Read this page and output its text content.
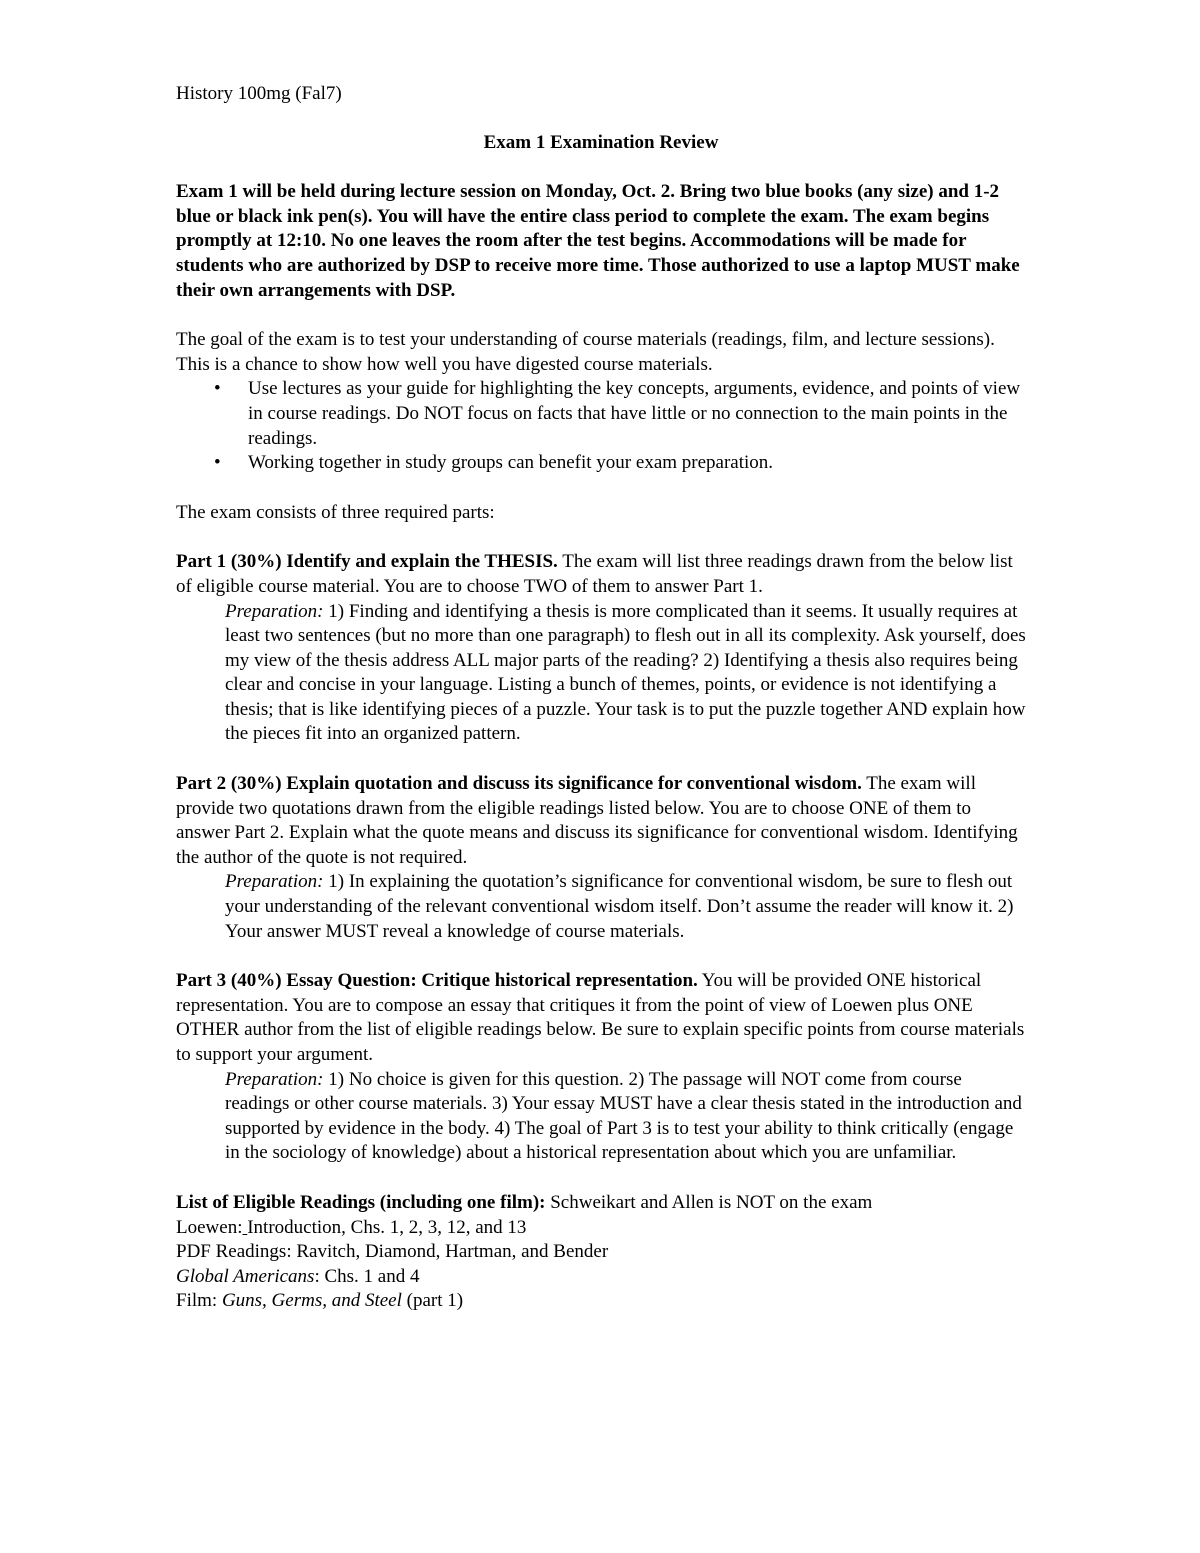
History 100mg (Fal7)

Exam 1 Examination Review

Exam 1 will be held during lecture session on Monday, Oct. 2. Bring two blue books (any size) and 1-2 blue or black ink pen(s). You will have the entire class period to complete the exam. The exam begins promptly at 12:10. No one leaves the room after the test begins. Accommodations will be made for students who are authorized by DSP to receive more time. Those authorized to use a laptop MUST make their own arrangements with DSP.

The goal of the exam is to test your understanding of course materials (readings, film, and lecture sessions). This is a chance to show how well you have digested course materials.
• Use lectures as your guide for highlighting the key concepts, arguments, evidence, and points of view in course readings. Do NOT focus on facts that have little or no connection to the main points in the readings.
• Working together in study groups can benefit your exam preparation.

The exam consists of three required parts:

Part 1 (30%) Identify and explain the THESIS. The exam will list three readings drawn from the below list of eligible course material. You are to choose TWO of them to answer Part 1.
Preparation: 1) Finding and identifying a thesis is more complicated than it seems. It usually requires at least two sentences (but no more than one paragraph) to flesh out in all its complexity. Ask yourself, does my view of the thesis address ALL major parts of the reading? 2) Identifying a thesis also requires being clear and concise in your language. Listing a bunch of themes, points, or evidence is not identifying a thesis; that is like identifying pieces of a puzzle. Your task is to put the puzzle together AND explain how the pieces fit into an organized pattern.
Part 2 (30%) Explain quotation and discuss its significance for conventional wisdom. The exam will provide two quotations drawn from the eligible readings listed below. You are to choose ONE of them to answer Part 2. Explain what the quote means and discuss its significance for conventional wisdom. Identifying the author of the quote is not required.
Preparation: 1) In explaining the quotation’s significance for conventional wisdom, be sure to flesh out your understanding of the relevant conventional wisdom itself. Don’t assume the reader will know it. 2) Your answer MUST reveal a knowledge of course materials.
Part 3 (40%) Essay Question: Critique historical representation. You will be provided ONE historical representation. You are to compose an essay that critiques it from the point of view of Loewen plus ONE OTHER author from the list of eligible readings below. Be sure to explain specific points from course materials to support your argument.
Preparation: 1) No choice is given for this question. 2) The passage will NOT come from course readings or other course materials. 3) Your essay MUST have a clear thesis stated in the introduction and supported by evidence in the body. 4) The goal of Part 3 is to test your ability to think critically (engage in the sociology of knowledge) about a historical representation about which you are unfamiliar.
List of Eligible Readings (including one film): Schweikart and Allen is NOT on the exam
Loewen: Introduction, Chs. 1, 2, 3, 12, and 13
PDF Readings: Ravitch, Diamond, Hartman, and Bender
Global Americans: Chs. 1 and 4
Film: Guns, Germs, and Steel (part 1)
